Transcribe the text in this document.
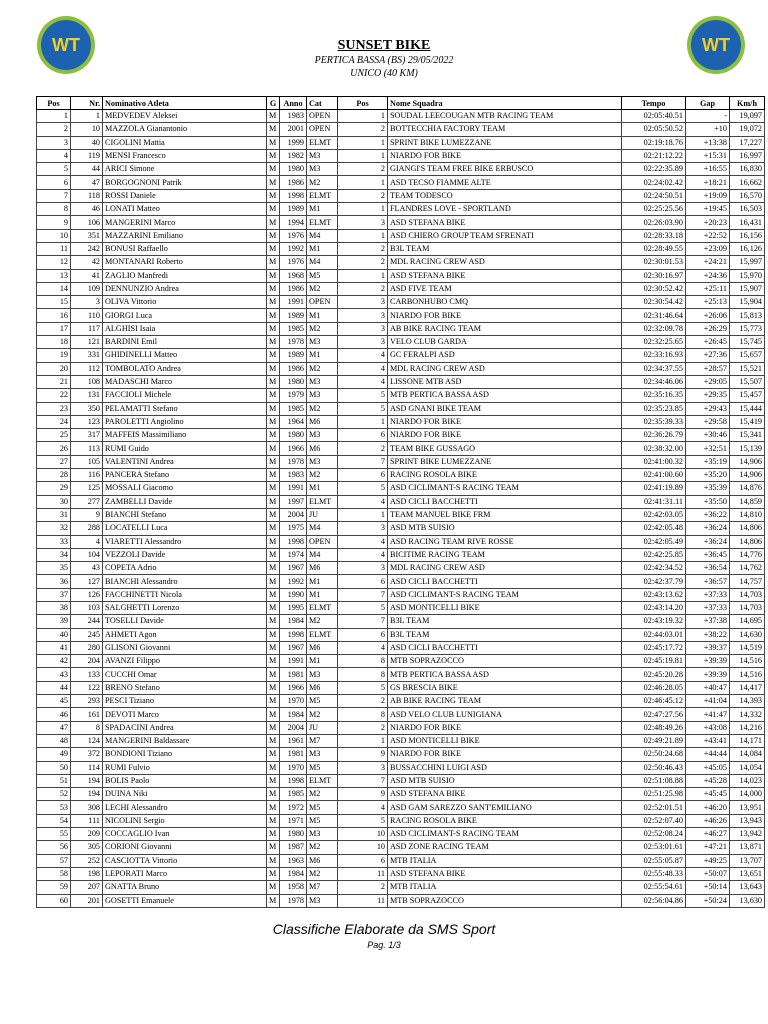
WT	WT
SUNSET BIKE
PERTICA BASSA (BS) 29/05/2022
UNICO (40 KM)
Pos	Nr.	Nominativo Atleta	G	Anno	Cat	Pos	Nome Squadra	Tempo	Gap	Km/h
1	1	MEDVEDEV Aleksei	M	1983	OPEN	1	SOUDAL LEECOUGAN MTB RACING TEAM	02:05:40.51	-	19,097
2	10	MAZZOLA Gianantonio	M	2001	OPEN	2	BOTTECCHIA FACTORY TEAM	02:05:50.52	+10	19,072
3	40	CIGOLINI Mattia	M	1999	ELMT	1	SPRINT BIKE LUMEZZANE	02:19:18.76	+13:38	17,227
4	119	MENSI Francesco	M	1982	M3	1	NIARDO FOR BIKE	02:21:12.22	+15:31	16,997
5	44	ARICI Simone	M	1980	M3	2	GIANGI'S TEAM FREE BIKE ERBUSCO	02:22:35.89	+16:55	16,830
6	47	BORGOGNONI Patrik	M	1986	M2	1	ASD TECSO FIAMME ALTE	02:24:02.42	+18:21	16,662
7	118	ROSSI Daniele	M	1998	ELMT	2	TEAM TODESCO	02:24:50.51	+19:09	16,570
8	46	LONATI Matteo	M	1989	M1	1	FLANDRES LOVE - SPORTLAND	02:25:25.56	+19:45	16,503
9	106	MANGERINI Marco	M	1994	ELMT	3	ASD STEFANA BIKE	02:26:03.90	+20:23	16,431
10	351	MAZZARINI Emiliano	M	1976	M4	1	ASD CHIERO GROUP TEAM SFRENATI	02:28:33.18	+22:52	16,156
11	242	BONUSI Raffaello	M	1992	M1	2	B3L TEAM	02:28:49.55	+23:09	16,126
12	42	MONTANARI Roberto	M	1976	M4	2	MDL RACING CREW ASD	02:30:01.53	+24:21	15,997
13	41	ZAGLIO Manfredi	M	1968	M5	1	ASD STEFANA BIKE	02:30:16.97	+24:36	15,970
14	109	DENNUNZIO Andrea	M	1986	M2	2	ASD FIVE TEAM	02:30:52.42	+25:11	15,907
15	3	OLIVA Vittorio	M	1991	OPEN	3	CARBONHUBO CMQ	02:30:54.42	+25:13	15,904
16	110	GIORGI Luca	M	1989	M1	3	NIARDO FOR BIKE	02:31:46.64	+26:06	15,813
17	117	ALGHISI Isaia	M	1985	M2	3	AB BIKE RACING TEAM	02:32:09.78	+26:29	15,773
18	121	BARDINI Emil	M	1978	M3	3	VELO CLUB GARDA	02:32:25.65	+26:45	15,745
19	331	GHIDINELLI Matteo	M	1989	M1	4	GC FERALPI ASD	02:33:16.93	+27:36	15,657
20	112	TOMBOLATO Andrea	M	1986	M2	4	MDL RACING CREW ASD	02:34:37.55	+28:57	15,521
21	108	MADASCHI Marco	M	1980	M3	4	LISSONE MTB ASD	02:34:46.06	+29:05	15,507
22	131	FACCIOLI Michele	M	1979	M3	5	MTB PERTICA BASSA ASD	02:35:16.35	+29:35	15,457
23	350	PELAMATTI Stefano	M	1985	M2	5	ASD GNANI BIKE TEAM	02:35:23.85	+29:43	15,444
24	123	PAROLETTI Angiolino	M	1964	M6	1	NIARDO FOR BIKE	02:35:39.33	+29:58	15,419
25	317	MAFFEIS Massimiliano	M	1980	M3	6	NIARDO FOR BIKE	02:36:26.79	+30:46	15,341
26	113	RUMI Guido	M	1966	M6	2	TEAM BIKE GUSSAGO	02:38:32.00	+32:51	15,139
27	105	VALENTINI Andrea	M	1978	M3	7	SPRINT BIKE LUMEZZANE	02:41:00.32	+35:19	14,906
28	116	PANCERA Stefano	M	1983	M2	6	RACING ROSOLA BIKE	02:41:00.60	+35:20	14,906
29	125	MOSSALI Giacomo	M	1991	M1	5	ASD CICLIMANT-S RACING TEAM	02:41:19.89	+35:39	14,876
30	277	ZAMBELLI Davide	M	1997	ELMT	4	ASD CICLI BACCHETTI	02:41:31.11	+35:50	14,859
31	9	BIANCHI Stefano	M	2004	JU	1	TEAM MANUEL BIKE FRM	02:42:03.05	+36:22	14,810
32	288	LOCATELLI Luca	M	1975	M4	3	ASD MTB SUISIO	02:42:05.48	+36:24	14,806
33	4	VIARETTI Alessandro	M	1998	OPEN	4	ASD RACING TEAM RIVE ROSSE	02:42:05.49	+36:24	14,806
34	104	VEZZOLI Davide	M	1974	M4	4	BICITIME RACING TEAM	02:42:25.85	+36:45	14,776
35	43	COPETA Adrio	M	1967	M6	3	MDL RACING CREW ASD	02:42:34.52	+36:54	14,762
36	127	BIANCHI Alessandro	M	1992	M1	6	ASD CICLI BACCHETTI	02:42:37.79	+36:57	14,757
37	126	FACCHINETTI Nicola	M	1990	M1	7	ASD CICLIMANT-S RACING TEAM	02:43:13.62	+37:33	14,703
38	103	SALGHETTI Lorenzo	M	1995	ELMT	5	ASD MONTICELLI BIKE	02:43:14.20	+37:33	14,703
39	244	TOSELLI Davide	M	1984	M2	7	B3L TEAM	02:43:19.32	+37:38	14,695
40	245	AHMETI Agon	M	1998	ELMT	6	B3L TEAM	02:44:03.01	+38:22	14,630
41	280	GLISONI Giovanni	M	1967	M6	4	ASD CICLI BACCHETTI	02:45:17.72	+39:37	14,519
42	204	AVANZI Filippo	M	1991	M1	8	MTB SOPRAZOCCO	02:45:19.81	+39:39	14,516
43	133	CUCCHI Omar	M	1981	M3	8	MTB PERTICA BASSA ASD	02:45:20.28	+39:39	14,516
44	122	BRENO Stefano	M	1966	M6	5	GS BRESCIA BIKE	02:46:28.05	+40:47	14,417
45	293	PESCI Tiziano	M	1970	M5	2	AB BIKE RACING TEAM	02:46:45.12	+41:04	14,393
46	161	DEVOTI Marco	M	1984	M2	8	ASD VELO CLUB LUNIGIANA	02:47:27.56	+41:47	14,332
47	8	SPADACINI Andrea	M	2004	JU	2	NIARDO FOR BIKE	02:48:49.26	+43:08	14,216
48	124	MANGERINI Baldassare	M	1961	M7	1	ASD MONTICELLI BIKE	02:49:21.89	+43:41	14,171
49	372	BONDIONI Tiziano	M	1981	M3	9	NIARDO FOR BIKE	02:50:24.68	+44:44	14,084
50	114	RUMI Fulvio	M	1970	M5	3	BUSSACCHINI LUIGI ASD	02:50:46.43	+45:05	14,054
51	194	BOLIS Paolo	M	1998	ELMT	7	ASD MTB SUISIO	02:51:08.88	+45:28	14,023
52	194	DUINA Niki	M	1985	M2	9	ASD STEFANA BIKE	02:51:25.98	+45:45	14,000
53	308	LECHI Alessandro	M	1972	M5	4	ASD GAM SAREZZO SANT'EMILIANO	02:52:01.51	+46:20	13,951
54	111	NICOLINI Sergio	M	1971	M5	5	RACING ROSOLA BIKE	02:52:07.40	+46:26	13,943
55	209	COCCAGLIO Ivan	M	1980	M3	10	ASD CICLIMANT-S RACING TEAM	02:52:08.24	+46:27	13,942
56	305	CORIONI Giovanni	M	1987	M2	10	ASD ZONE RACING TEAM	02:53:01.61	+47:21	13,871
57	252	CASCIOTTA Vittorio	M	1963	M6	6	MTB ITALIA	02:55:05.87	+49:25	13,707
58	198	LEPORATI Marco	M	1984	M2	11	ASD STEFANA BIKE	02:55:48.33	+50:07	13,651
59	207	GNATTA Bruno	M	1958	M7	2	MTB ITALIA	02:55:54.61	+50:14	13,643
60	201	GOSETTI Emanuele	M	1978	M3	11	MTB SOPRAZOCCO	02:56:04.86	+50:24	13,630
Classifiche Elaborate da SMS Sport
Pag. 1/3
